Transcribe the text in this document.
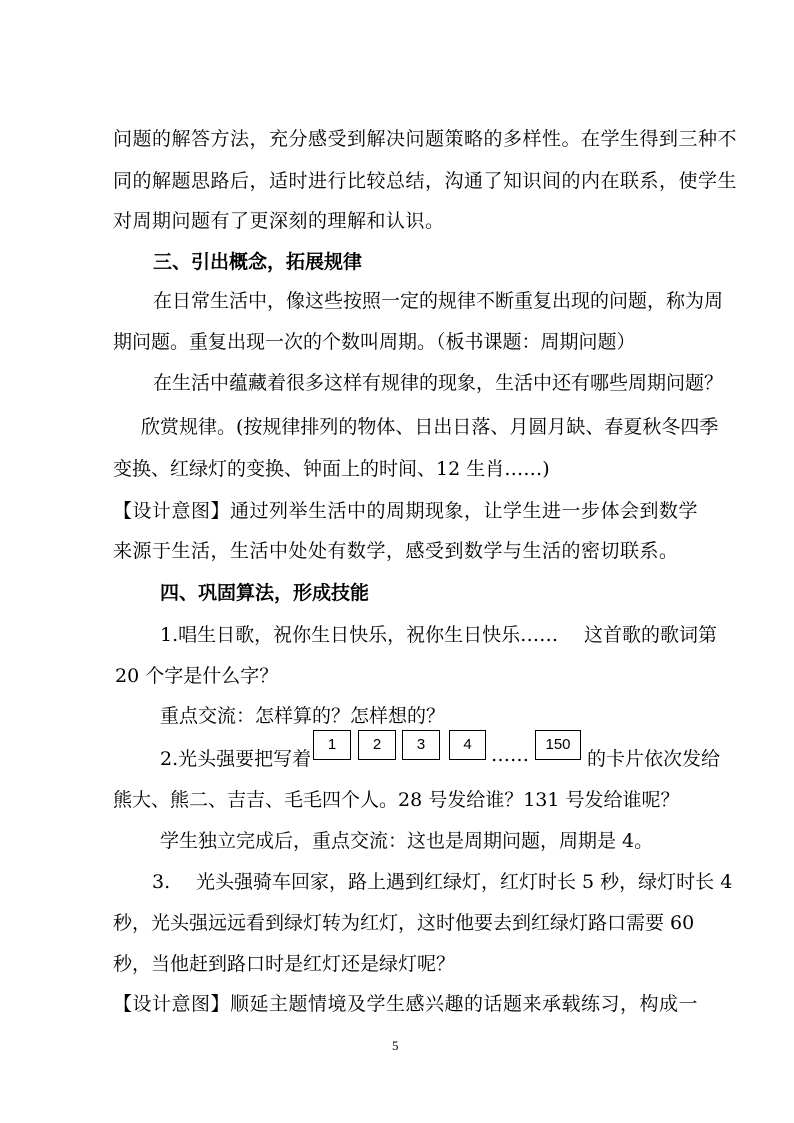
问题的解答方法，充分感受到解决问题策略的多样性。在学生得到三种不
同的解题思路后，适时进行比较总结，沟通了知识间的内在联系，使学生
对周期问题有了更深刻的理解和认识。
三、引出概念，拓展规律
在日常生活中，像这些按照一定的规律不断重复出现的问题，称为周
期问题。重复出现一次的个数叫周期。（板书课题：周期问题）
在生活中蕴藏着很多这样有规律的现象，生活中还有哪些周期问题？
欣赏规律。(按规律排列的物体、日出日落、月圆月缺、春夏秋冬四季
变换、红绿灯的变换、钟面上的时间、12 生肖……)
【设计意图】通过列举生活中的周期现象，让学生进一步体会到数学
来源于生活，生活中处处有数学，感受到数学与生活的密切联系。
四、巩固算法，形成技能
1.唱生日歌，祝你生日快乐，祝你生日快乐…… 这首歌的歌词第
20 个字是什么字？
重点交流：怎样算的？怎样想的？
2.光头强要把写着
1	2	3	4	……	150
的卡片依次发给
熊大、熊二、吉吉、毛毛四个人。28 号发给谁？131 号发给谁呢？
学生独立完成后，重点交流：这也是周期问题，周期是 4。
3. 光头强骑车回家，路上遇到红绿灯，红灯时长 5 秒，绿灯时长 4
秒，光头强远远看到绿灯转为红灯，这时他要去到红绿灯路口需要 60
秒，当他赶到路口时是红灯还是绿灯呢？
【设计意图】顺延主题情境及学生感兴趣的话题来承载练习，构成一
5
